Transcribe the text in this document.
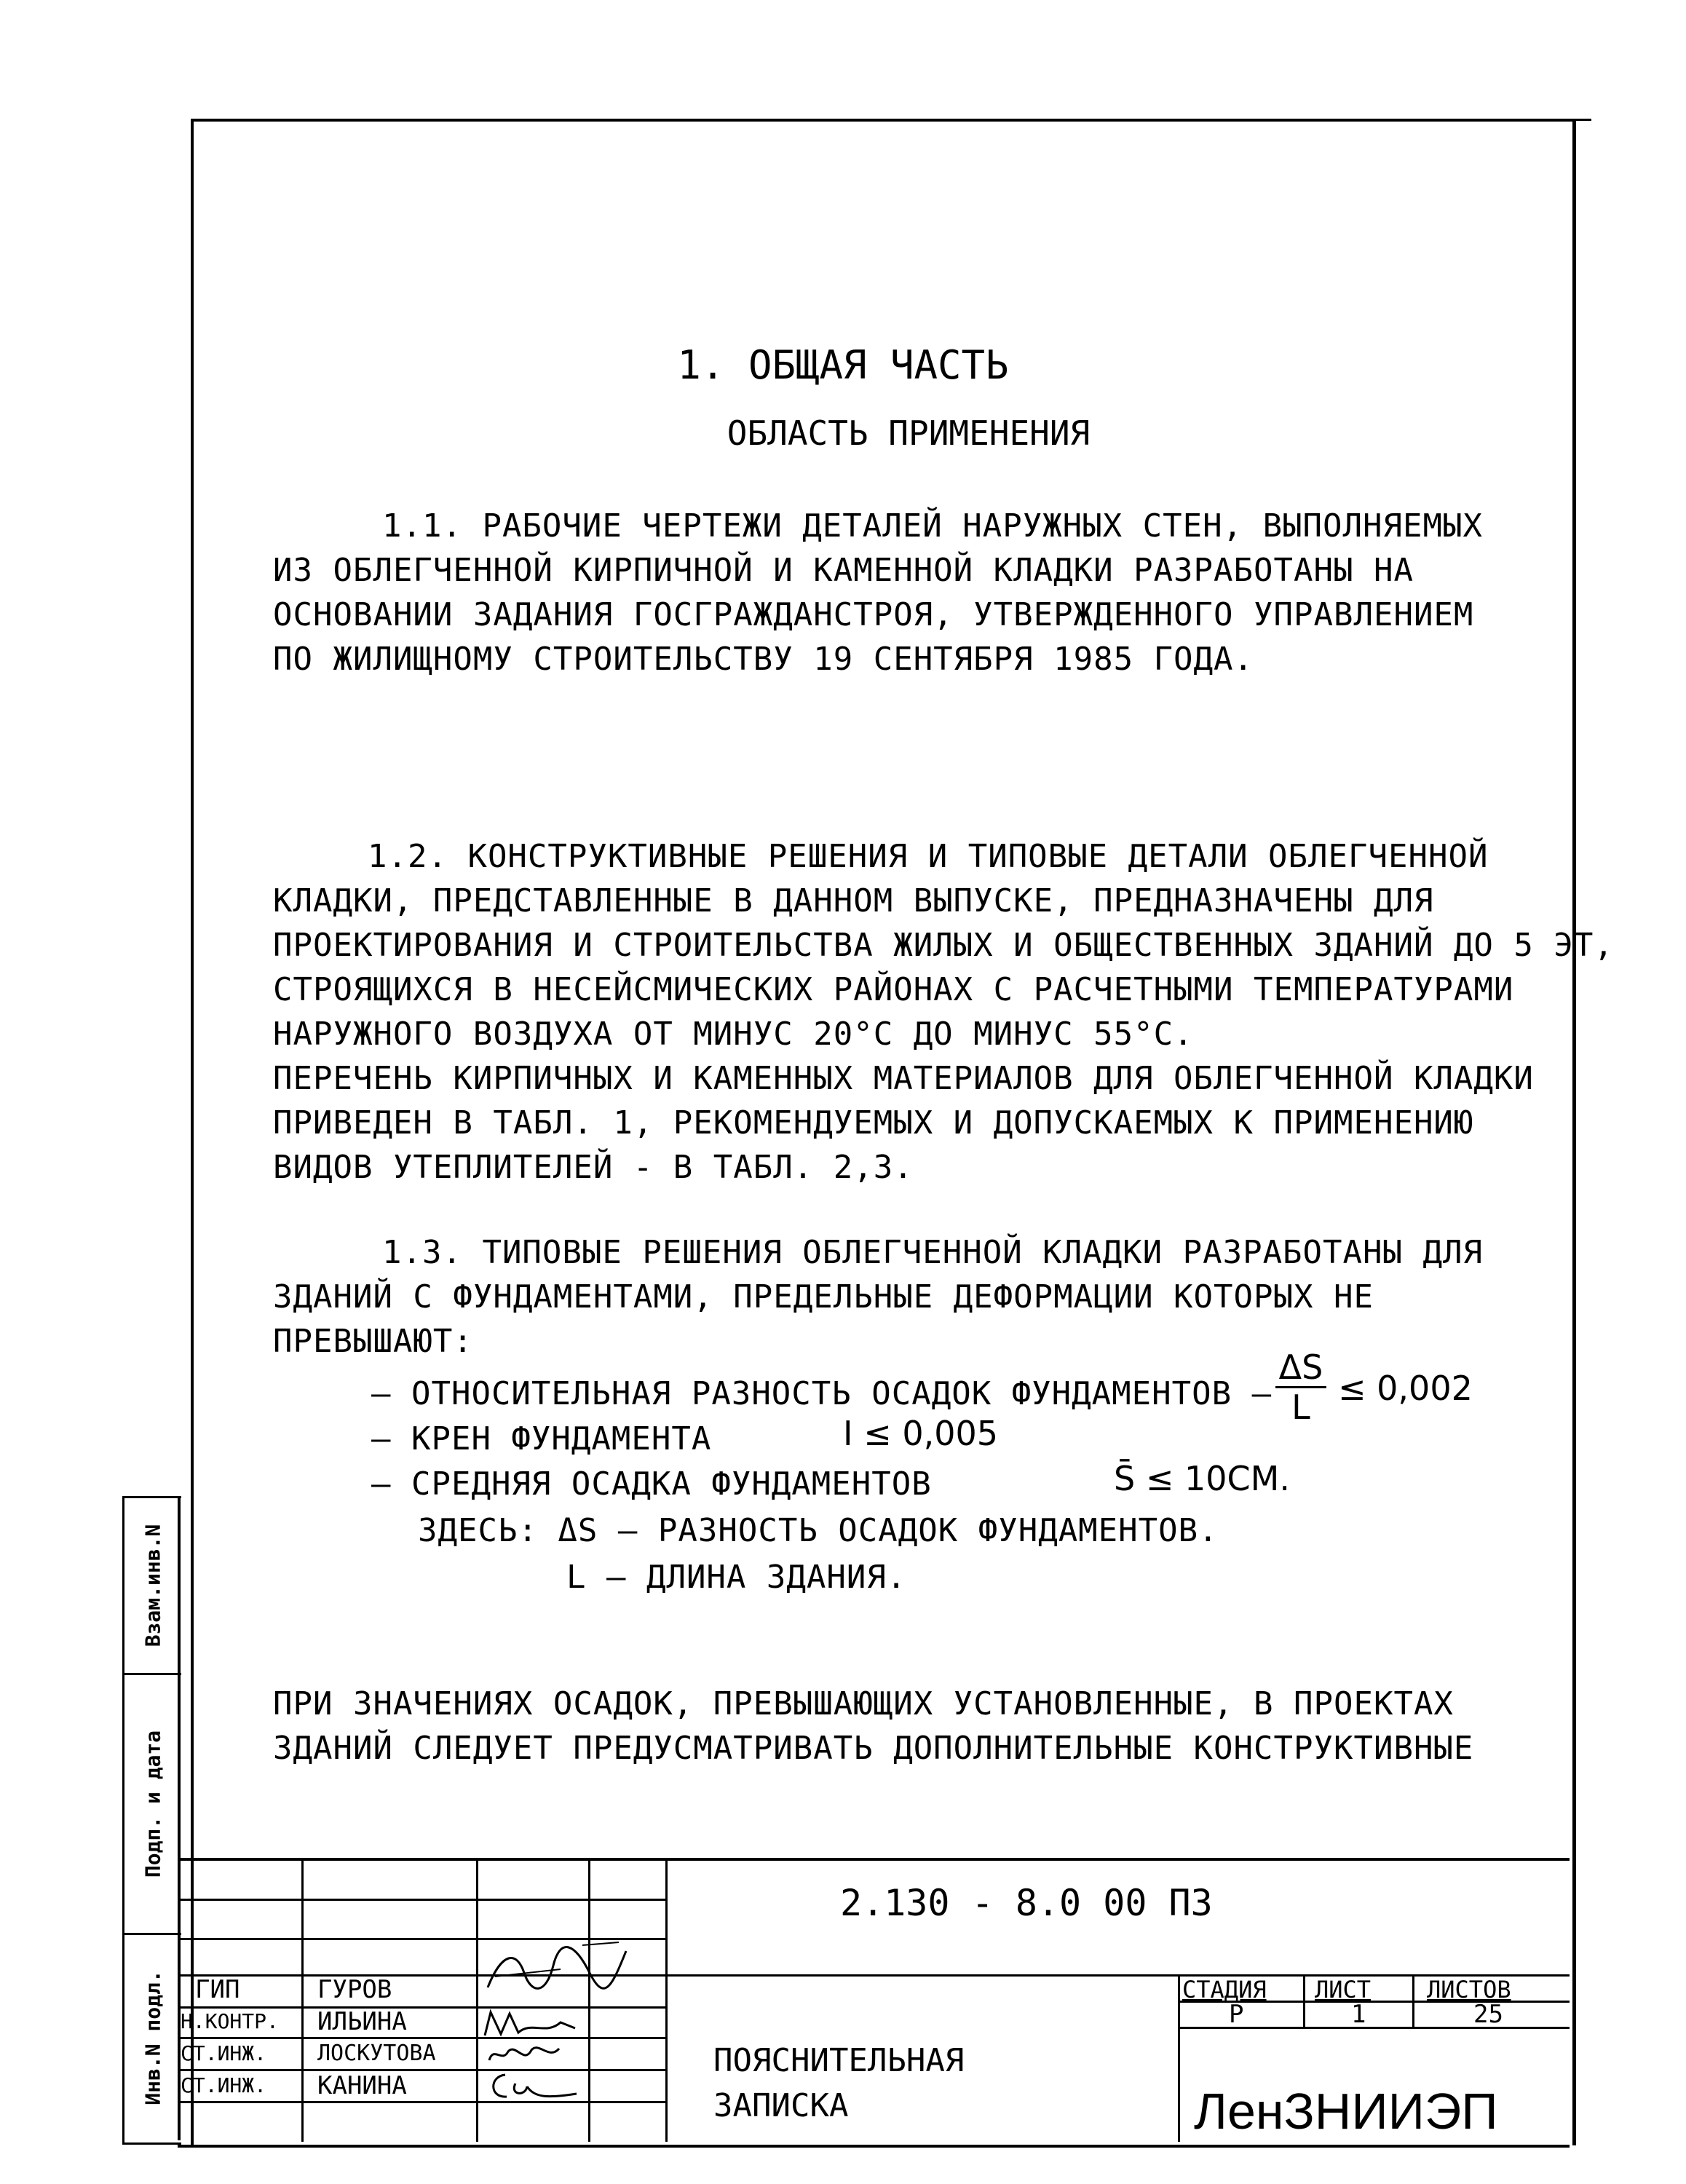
1. ОБЩАЯ ЧАСТЬ
ОБЛАСТЬ ПРИМЕНЕНИЯ
1.1. РАБОЧИЕ ЧЕРТЕЖИ ДЕТАЛЕЙ НАРУЖНЫХ СТЕН, ВЫПОЛНЯЕМЫХ
ИЗ ОБЛЕГЧЕННОЙ КИРПИЧНОЙ И КАМЕННОЙ КЛАДКИ РАЗРАБОТАНЫ НА
ОСНОВАНИИ ЗАДАНИЯ ГОСГРАЖДАНСТРОЯ, УТВЕРЖДЕННОГО УПРАВЛЕНИЕМ
ПО ЖИЛИЩНОМУ СТРОИТЕЛЬСТВУ 19 СЕНТЯБРЯ 1985 ГОДА.
1.2. КОНСТРУКТИВНЫЕ РЕШЕНИЯ И ТИПОВЫЕ ДЕТАЛИ ОБЛЕГЧЕННОЙ
КЛАДКИ, ПРЕДСТАВЛЕННЫЕ В ДАННОМ ВЫПУСКЕ, ПРЕДНАЗНАЧЕНЫ ДЛЯ
ПРОЕКТИРОВАНИЯ И СТРОИТЕЛЬСТВА ЖИЛЫХ И ОБЩЕСТВЕННЫХ ЗДАНИЙ ДО 5 ЭТ,
СТРОЯЩИХСЯ В НЕСЕЙСМИЧЕСКИХ РАЙОНАХ С РАСЧЕТНЫМИ ТЕМПЕРАТУРАМИ
НАРУЖНОГО ВОЗДУХА ОТ МИНУС 20°С ДО МИНУС 55°С.
ПЕРЕЧЕНЬ КИРПИЧНЫХ И КАМЕННЫХ МАТЕРИАЛОВ ДЛЯ ОБЛЕГЧЕННОЙ КЛАДКИ
ПРИВЕДЕН В ТАБЛ. 1, РЕКОМЕНДУЕМЫХ И ДОПУСКАЕМЫХ К ПРИМЕНЕНИЮ
ВИДОВ УТЕПЛИТЕЛЕЙ - В ТАБЛ. 2,3.
1.3. ТИПОВЫЕ РЕШЕНИЯ ОБЛЕГЧЕННОЙ КЛАДКИ РАЗРАБОТАНЫ ДЛЯ
ЗДАНИЙ С ФУНДАМЕНТАМИ, ПРЕДЕЛЬНЫЕ ДЕФОРМАЦИИ КОТОРЫХ НЕ
ПРЕВЫШАЮТ:
— ОТНОСИТЕЛЬНАЯ РАЗНОСТЬ ОСАДОК ФУНДАМЕНТОВ — $\frac{\Delta S}{L} \le 0,002$
— КРЕН ФУНДАМЕНТА	I ≤ 0,005
— СРЕДНЯЯ ОСАДКА ФУНДАМЕНТОВ	S̄ ≤ 10СМ.
ЗДЕСЬ: ΔS — РАЗНОСТЬ ОСАДОК ФУНДАМЕНТОВ.
L — ДЛИНА ЗДАНИЯ.
ПРИ ЗНАЧЕНИЯХ ОСАДОК, ПРЕВЫШАЮЩИХ УСТАНОВЛЕННЫЕ, В ПРОЕКТАХ
ЗДАНИЙ СЛЕДУЕТ ПРЕДУСМАТРИВАТЬ ДОПОЛНИТЕЛЬНЫЕ КОНСТРУКТИВНЫЕ
Взам.инв.N
Подп. и дата
Инв.N подл. ГИП	ГУРОВ
Н.КОНТР. ИЛЬИНА
СТ.ИНЖ. ЛОСКУТОВА
СТ.ИНЖ. КАНИНА
2.130 - 8.0 00 ПЗ
ПОЯСНИТЕЛЬНАЯ
ЗАПИСКА
СТАДИЯ ЛИСТ ЛИСТОВ
Р	1	25
ЛенЗНИИЭП
